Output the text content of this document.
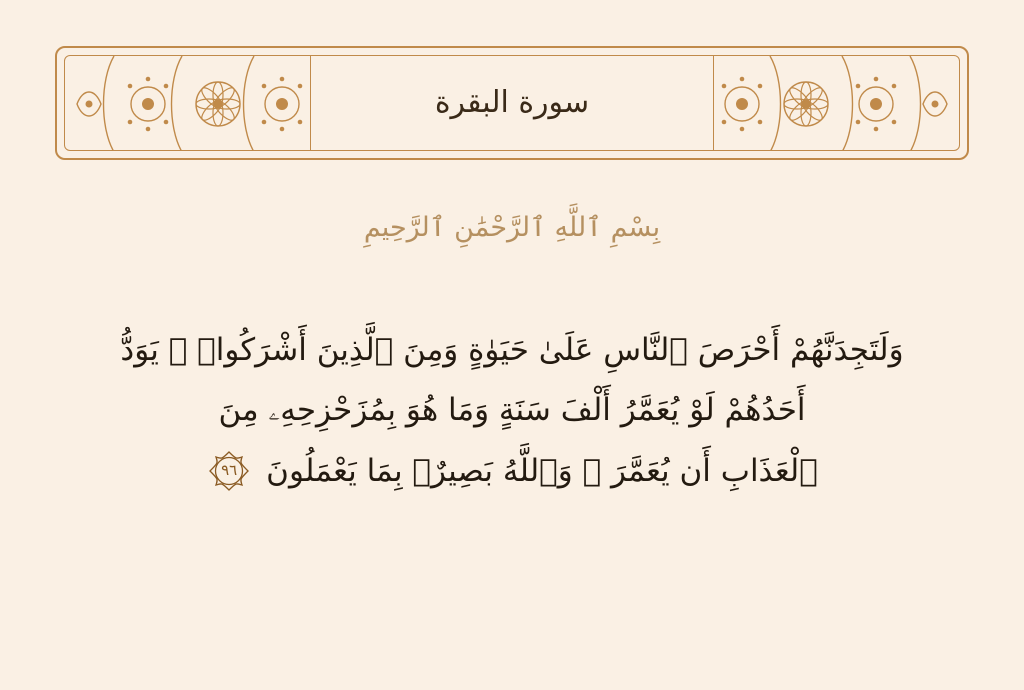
سورة البقرة
بِسْمِ ٱللَّهِ ٱلرَّحْمَٰنِ ٱلرَّحِيمِ
وَلَتَجِدَنَّهُمْ أَحْرَصَ ٱلنَّاسِ عَلَىٰ حَيَوٰةٍ وَمِنَ ٱلَّذِينَ أَشْرَكُوا۟ ۚ يَوَدُّ
أَحَدُهُمْ لَوْ يُعَمَّرُ أَلْفَ سَنَةٍ وَمَا هُوَ بِمُزَحْزِحِهِۦ مِنَ
ٱلْعَذَابِ أَن يُعَمَّرَ ۗ وَٱللَّهُ بَصِيرٌۢ بِمَا يَعْمَلُونَ
٩٦
